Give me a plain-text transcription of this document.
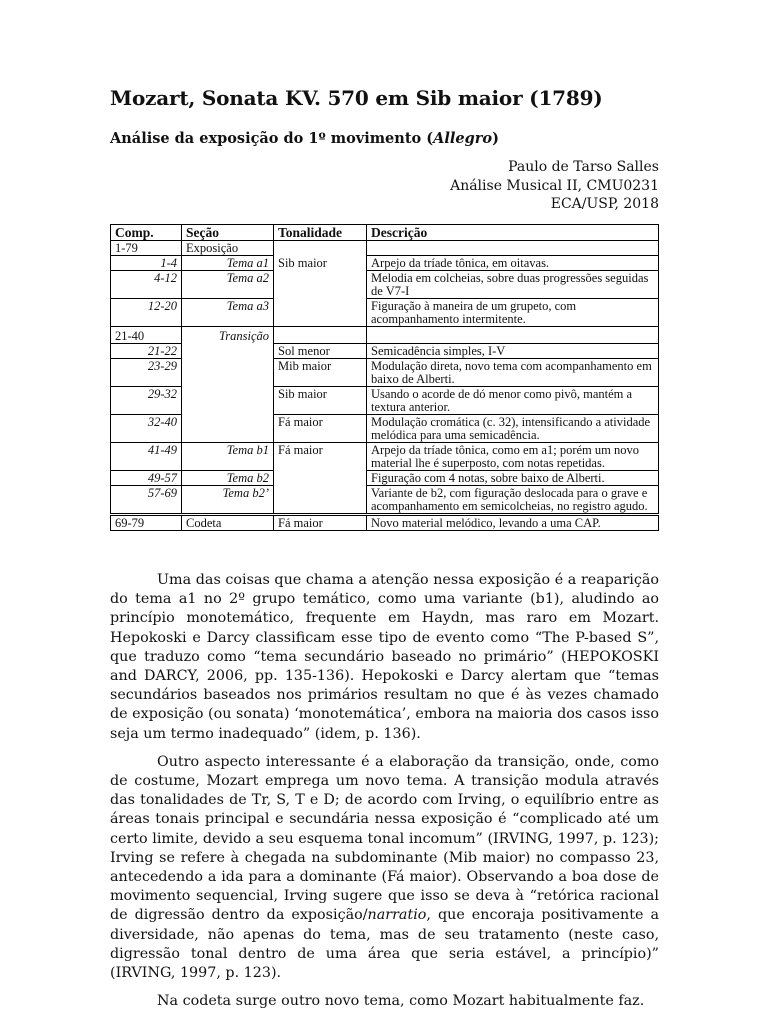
Mozart, Sonata KV. 570 em Sib maior (1789)
Análise da exposição do 1º movimento (Allegro)
Paulo de Tarso Salles
Análise Musical II, CMU0231
ECA/USP, 2018
Comp.	Seção	Tonalidade	Descrição
1-79	Exposição		
1-4	Tema a1	Sib maior	Arpejo da tríade tônica, em oitavas.
4-12	Tema a2		Melodia em colcheias, sobre duas progressões seguidas de V7-I
12-20	Tema a3		Figuração à maneira de um grupeto, com acompanhamento intermitente.
21-40	Transição		
21-22		Sol menor	Semicadência simples, I-V
23-29		Mib maior	Modulação direta, novo tema com acompanhamento em baixo de Alberti.
29-32		Sib maior	Usando o acorde de dó menor como pivô, mantém a textura anterior.
32-40		Fá maior	Modulação cromática (c. 32), intensificando a atividade melódica para uma semicadência.
41-49	Tema b1	Fá maior	Arpejo da tríade tônica, como em a1; porém um novo material lhe é superposto, com notas repetidas.
49-57	Tema b2		Figuração com 4 notas, sobre baixo de Alberti.
57-69	Tema b2’		Variante de b2, com figuração deslocada para o grave e acompanhamento em semicolcheias, no registro agudo.
69-79	Codeta	Fá maior	Novo material melódico, levando a uma CAP.

Uma das coisas que chama a atenção nessa exposição é a reaparição do tema a1 no 2º grupo temático, como uma variante (b1), aludindo ao princípio monotemático, frequente em Haydn, mas raro em Mozart. Hepokoski e Darcy classificam esse tipo de evento como “The P-based S”, que traduzo como “tema secundário baseado no primário” (HEPOKOSKI and DARCY, 2006, pp. 135-136). Hepokoski e Darcy alertam que “temas secundários baseados nos primários resultam no que é às vezes chamado de exposição (ou sonata) ‘monotemática’, embora na maioria dos casos isso seja um termo inadequado” (idem, p. 136).

Outro aspecto interessante é a elaboração da transição, onde, como de costume, Mozart emprega um novo tema. A transição modula através das tonalidades de Tr, S, T e D; de acordo com Irving, o equilíbrio entre as áreas tonais principal e secundária nessa exposição é “complicado até um certo limite, devido a seu esquema tonal incomum” (IRVING, 1997, p. 123); Irving se refere à chegada na subdominante (Mib maior) no compasso 23, antecedendo a ida para a dominante (Fá maior). Observando a boa dose de movimento sequencial, Irving sugere que isso se deva à “retórica racional de digressão dentro da exposição/narratio, que encoraja positivamente a diversidade, não apenas do tema, mas de seu tratamento (neste caso, digressão tonal dentro de uma área que seria estável, a princípio)” (IRVING, 1997, p. 123).

Na codeta surge outro novo tema, como Mozart habitualmente faz.
